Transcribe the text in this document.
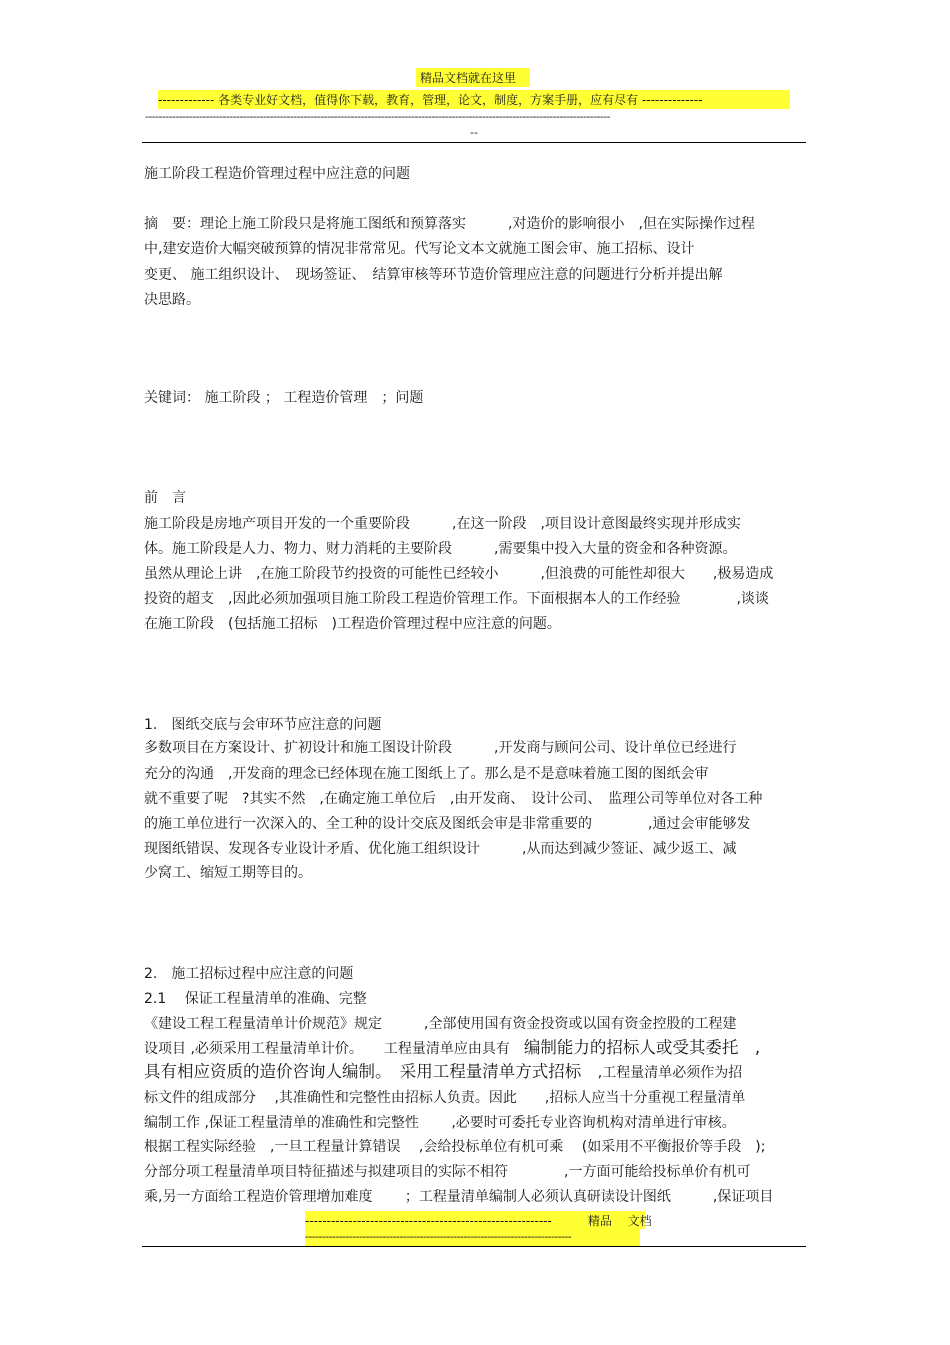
精品文档就在这里
------------- 各类专业好文档，值得你下载，教育，管理，论文，制度，方案手册，应有尽有 --------------
------------------------------------------------------------------------------------------------------------------------------------------
--
施工阶段工程造价管理过程中应注意的问题
摘　要：理论上施工阶段只是将施工图纸和预算落实　　　,对造价的影响很小　,但在实际操作过程
中,建安造价大幅突破预算的情况非常常见。代写论文本文就施工图会审、施工招标、设计
变更、 施工组织设计、　现场签证、　结算审核等环节造价管理应注意的问题进行分析并提出解
决思路。
关键词： 施工阶段 ； 工程造价管理　；问题
前　言
施工阶段是房地产项目开发的一个重要阶段　　　,在这一阶段　,项目设计意图最终实现并形成实
体。施工阶段是人力、物力、财力消耗的主要阶段　　　,需要集中投入大量的资金和各种资源。
虽然从理论上讲　,在施工阶段节约投资的可能性已经较小　　　,但浪费的可能性却很大　　,极易造成
投资的超支　,因此必须加强项目施工阶段工程造价管理工作。下面根据本人的工作经验　　　　,谈谈
在施工阶段　(包括施工招标　)工程造价管理过程中应注意的问题。
1.　图纸交底与会审环节应注意的问题
多数项目在方案设计、扩初设计和施工图设计阶段　　　,开发商与顾问公司、设计单位已经进行
充分的沟通　,开发商的理念已经体现在施工图纸上了。那么是不是意味着施工图的图纸会审
就不重要了呢　?其实不然　,在确定施工单位后　,由开发商、　设计公司、　监理公司等单位对各工种
的施工单位进行一次深入的、全工种的设计交底及图纸会审是非常重要的　　　　,通过会审能够发
现图纸错误、发现各专业设计矛盾、优化施工组织设计　　　,从而达到减少签证、减少返工、减
少窝工、缩短工期等目的。
2.　施工招标过程中应注意的问题
2.1　 保证工程量清单的准确、完整
《建设工程工程量清单计价规范》规定　　　,全部使用国有资金投资或以国有资金控股的工程建
设项目 ,必须采用工程量清单计价。　　工程量清单应由具有　编制能力的招标人或受其委托　,
具有相应资质的造价咨询人编制。　采用工程量清单方式招标　,工程量清单必须作为招
标文件的组成部分　 ,其准确性和完整性由招标人负责。因此　　,招标人应当十分重视工程量清单
编制工作 ,保证工程量清单的准确性和完整性　　 ,必要时可委托专业咨询机构对清单进行审核。
根据工程实际经验　,一旦工程量计算错误　 ,会给投标单位有机可乘　 (如采用不平衡报价等手段　);
分部分项工程量清单项目特征描述与拟建项目的实际不相符　　　　,一方面可能给投标单价有机可
乘,另一方面给工程造价管理增加难度　　 ；工程量清单编制人必须认真研读设计图纸　　　,保证项目
---------------------------------------------------------　　　精品　 文档
-------------------------------------------------------------------------------
